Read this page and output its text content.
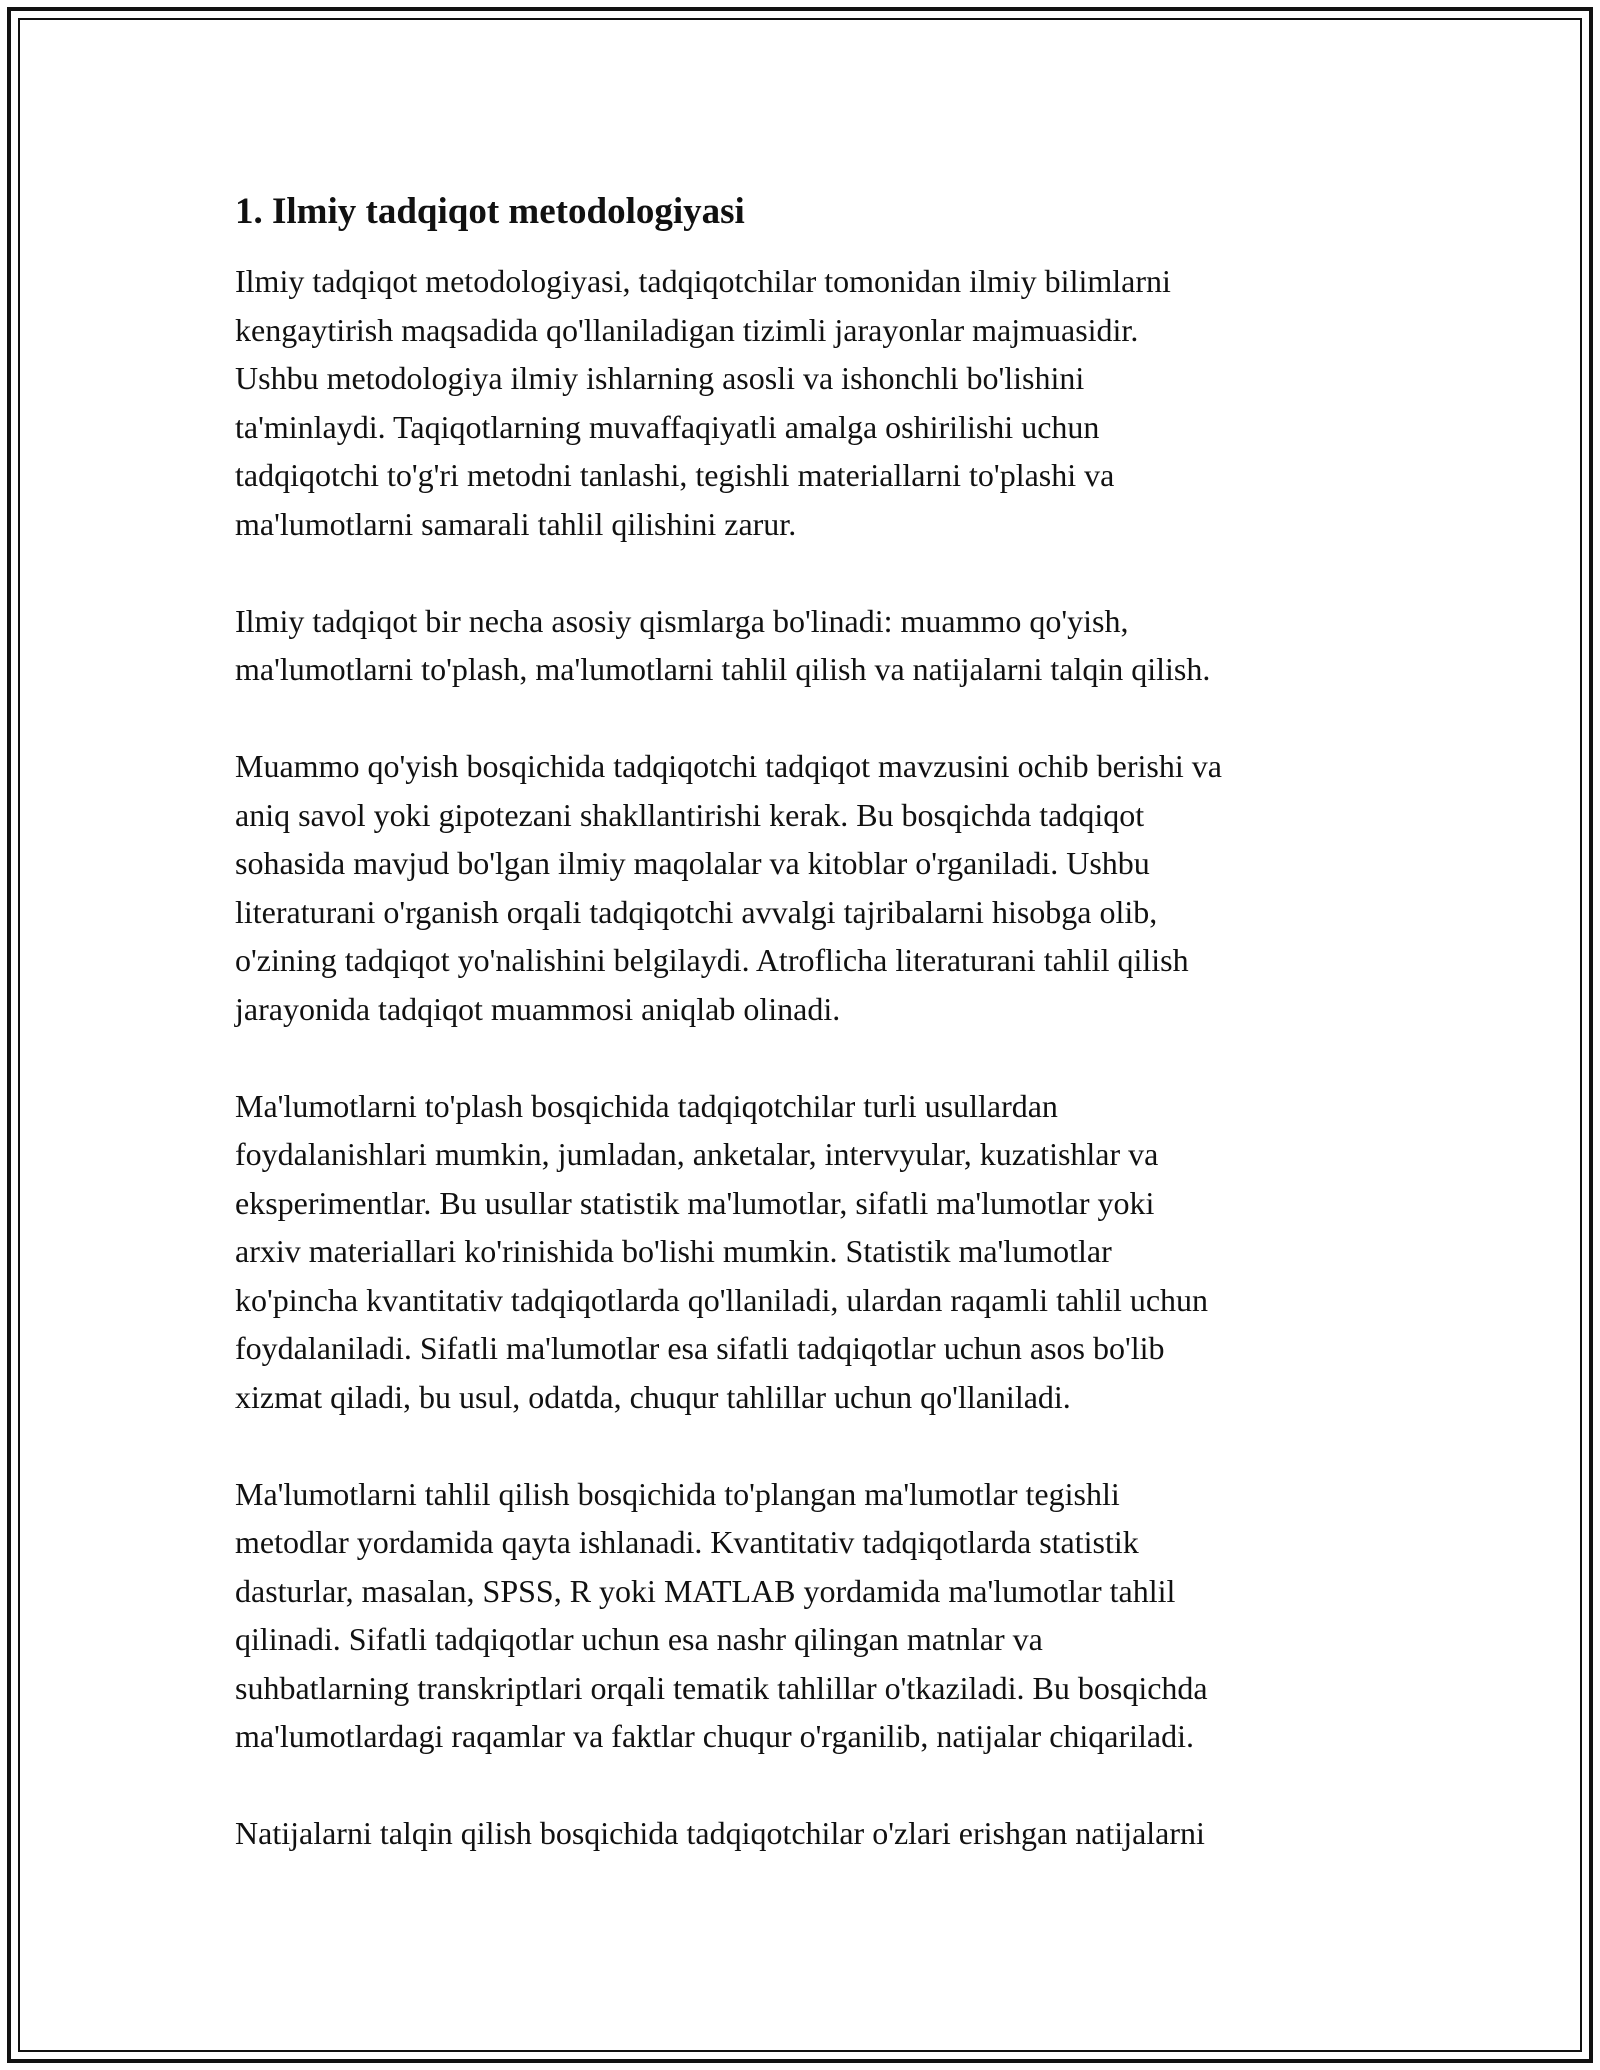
1. Ilmiy tadqiqot metodologiyasi
Ilmiy tadqiqot metodologiyasi, tadqiqotchilar tomonidan ilmiy bilimlarni
kengaytirish maqsadida qo'llaniladigan tizimli jarayonlar majmuasidir.
Ushbu metodologiya ilmiy ishlarning asosli va ishonchli bo'lishini
ta'minlaydi. Taqiqotlarning muvaffaqiyatli amalga oshirilishi uchun
tadqiqotchi to'g'ri metodni tanlashi, tegishli materiallarni to'plashi va
ma'lumotlarni samarali tahlil qilishini zarur.
Ilmiy tadqiqot bir necha asosiy qismlarga bo'linadi: muammo qo'yish,
ma'lumotlarni to'plash, ma'lumotlarni tahlil qilish va natijalarni talqin qilish.
Muammo qo'yish bosqichida tadqiqotchi tadqiqot mavzusini ochib berishi va
aniq savol yoki gipotezani shakllantirishi kerak. Bu bosqichda tadqiqot
sohasida mavjud bo'lgan ilmiy maqolalar va kitoblar o'rganiladi. Ushbu
literaturani o'rganish orqali tadqiqotchi avvalgi tajribalarni hisobga olib,
o'zining tadqiqot yo'nalishini belgilaydi. Atroflicha literaturani tahlil qilish
jarayonida tadqiqot muammosi aniqlab olinadi.
Ma'lumotlarni to'plash bosqichida tadqiqotchilar turli usullardan
foydalanishlari mumkin, jumladan, anketalar, intervyular, kuzatishlar va
eksperimentlar. Bu usullar statistik ma'lumotlar, sifatli ma'lumotlar yoki
arxiv materiallari ko'rinishida bo'lishi mumkin. Statistik ma'lumotlar
ko'pincha kvantitativ tadqiqotlarda qo'llaniladi, ulardan raqamli tahlil uchun
foydalaniladi. Sifatli ma'lumotlar esa sifatli tadqiqotlar uchun asos bo'lib
xizmat qiladi, bu usul, odatda, chuqur tahlillar uchun qo'llaniladi.
Ma'lumotlarni tahlil qilish bosqichida to'plangan ma'lumotlar tegishli
metodlar yordamida qayta ishlanadi. Kvantitativ tadqiqotlarda statistik
dasturlar, masalan, SPSS, R yoki MATLAB yordamida ma'lumotlar tahlil
qilinadi. Sifatli tadqiqotlar uchun esa nashr qilingan matnlar va
suhbatlarning transkriptlari orqali tematik tahlillar o'tkaziladi. Bu bosqichda
ma'lumotlardagi raqamlar va faktlar chuqur o'rganilib, natijalar chiqariladi.
Natijalarni talqin qilish bosqichida tadqiqotchilar o'zlari erishgan natijalarni
